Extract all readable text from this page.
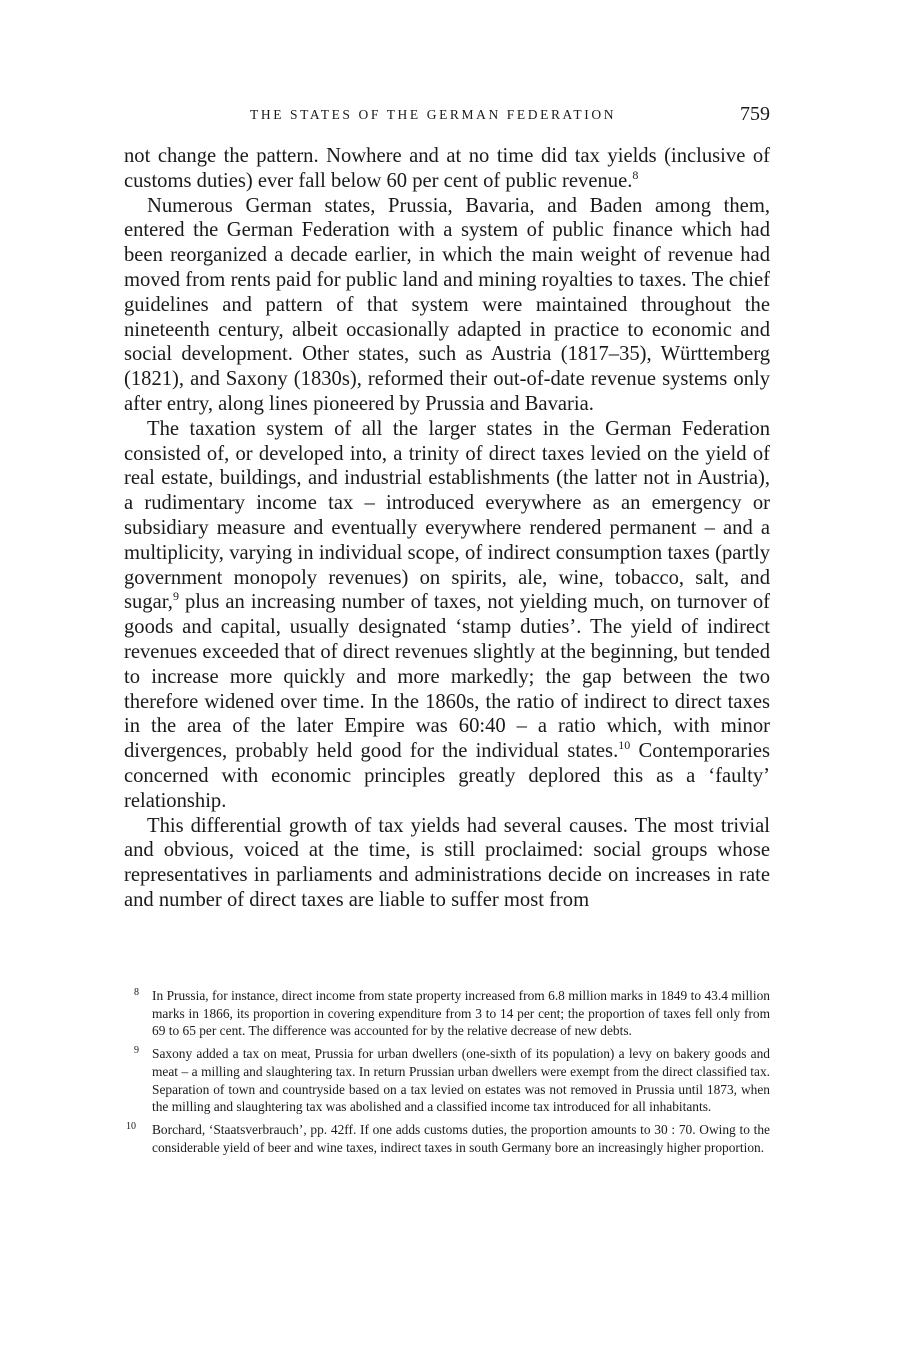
THE STATES OF THE GERMAN FEDERATION	759

not change the pattern. Nowhere and at no time did tax yields (inclusive of customs duties) ever fall below 60 per cent of public revenue.$^8$

Numerous German states, Prussia, Bavaria, and Baden among them, entered the German Federation with a system of public finance which had been reorganized a decade earlier, in which the main weight of revenue had moved from rents paid for public land and mining royalties to taxes. The chief guidelines and pattern of that system were maintained throughout the nineteenth century, albeit occasionally adapted in practice to economic and social development. Other states, such as Austria (1817–35), Württemberg (1821), and Saxony (1830s), reformed their out-of-date revenue systems only after entry, along lines pioneered by Prussia and Bavaria.

The taxation system of all the larger states in the German Federation consisted of, or developed into, a trinity of direct taxes levied on the yield of real estate, buildings, and industrial establishments (the latter not in Austria), a rudimentary income tax – introduced everywhere as an emergency or subsidiary measure and eventually everywhere rendered permanent – and a multiplicity, varying in individual scope, of indirect consumption taxes (partly government monopoly revenues) on spirits, ale, wine, tobacco, salt, and sugar,$^9$ plus an increasing number of taxes, not yielding much, on turnover of goods and capital, usually designated ‘stamp duties’. The yield of indirect revenues exceeded that of direct revenues slightly at the beginning, but tended to increase more quickly and more markedly; the gap between the two therefore widened over time. In the 1860s, the ratio of indirect to direct taxes in the area of the later Empire was 60:40 – a ratio which, with minor divergences, probably held good for the individual states.$^{10}$ Contemporaries concerned with economic principles greatly deplored this as a ‘faulty’ relationship.

This differential growth of tax yields had several causes. The most trivial and obvious, voiced at the time, is still proclaimed: social groups whose representatives in parliaments and administrations decide on increases in rate and number of direct taxes are liable to suffer most from

8 In Prussia, for instance, direct income from state property increased from 6.8 million marks in 1849 to 43.4 million marks in 1866, its proportion in covering expenditure from 3 to 14 per cent; the proportion of taxes fell only from 69 to 65 per cent. The difference was accounted for by the relative decrease of new debts.

9 Saxony added a tax on meat, Prussia for urban dwellers (one-sixth of its population) a levy on bakery goods and meat – a milling and slaughtering tax. In return Prussian urban dwellers were exempt from the direct classified tax. Separation of town and countryside based on a tax levied on estates was not removed in Prussia until 1873, when the milling and slaughtering tax was abolished and a classified income tax introduced for all inhabitants.

10 Borchard, ‘Staatsverbrauch’, pp. 42ff. If one adds customs duties, the proportion amounts to 30 : 70. Owing to the considerable yield of beer and wine taxes, indirect taxes in south Germany bore an increasingly higher proportion.
